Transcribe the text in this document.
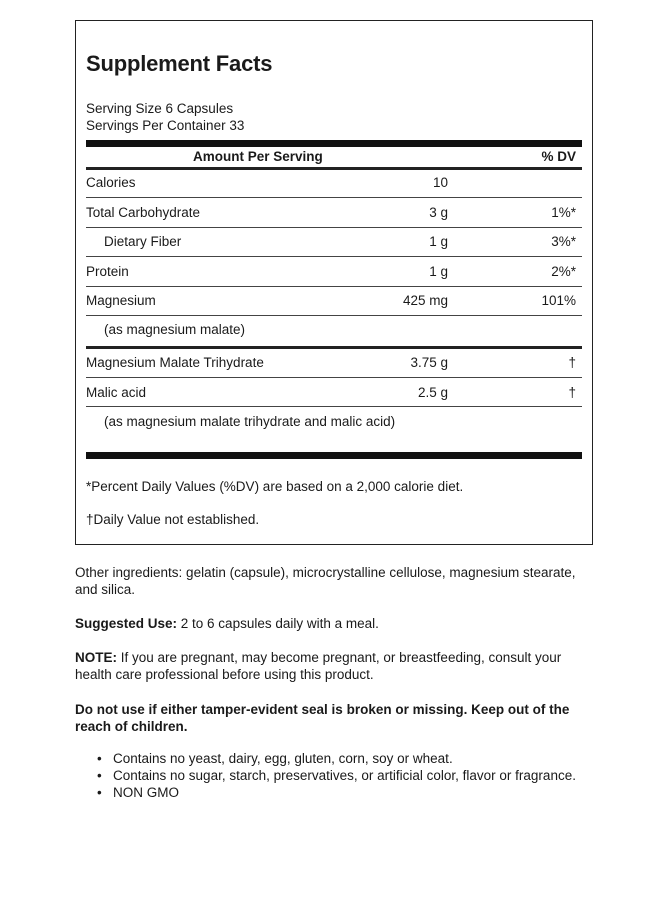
Supplement Facts
Serving Size 6 Capsules
Servings Per Container 33
Amount Per Serving	% DV
Calories	10
Total Carbohydrate	3 g	1%*
Dietary Fiber	1 g	3%*
Protein	1 g	2%*
Magnesium	425 mg	101%
(as magnesium malate)
Magnesium Malate Trihydrate	3.75 g	†
Malic acid	2.5 g	†
(as magnesium malate trihydrate and malic acid)
*Percent Daily Values (%DV) are based on a 2,000 calorie diet.
†Daily Value not established.
Other ingredients: gelatin (capsule), microcrystalline cellulose, magnesium stearate, and silica.
Suggested Use: 2 to 6 capsules daily with a meal.
NOTE: If you are pregnant, may become pregnant, or breastfeeding, consult your health care professional before using this product.
Do not use if either tamper-evident seal is broken or missing. Keep out of the reach of children.
• Contains no yeast, dairy, egg, gluten, corn, soy or wheat.
• Contains no sugar, starch, preservatives, or artificial color, flavor or fragrance.
• NON GMO
